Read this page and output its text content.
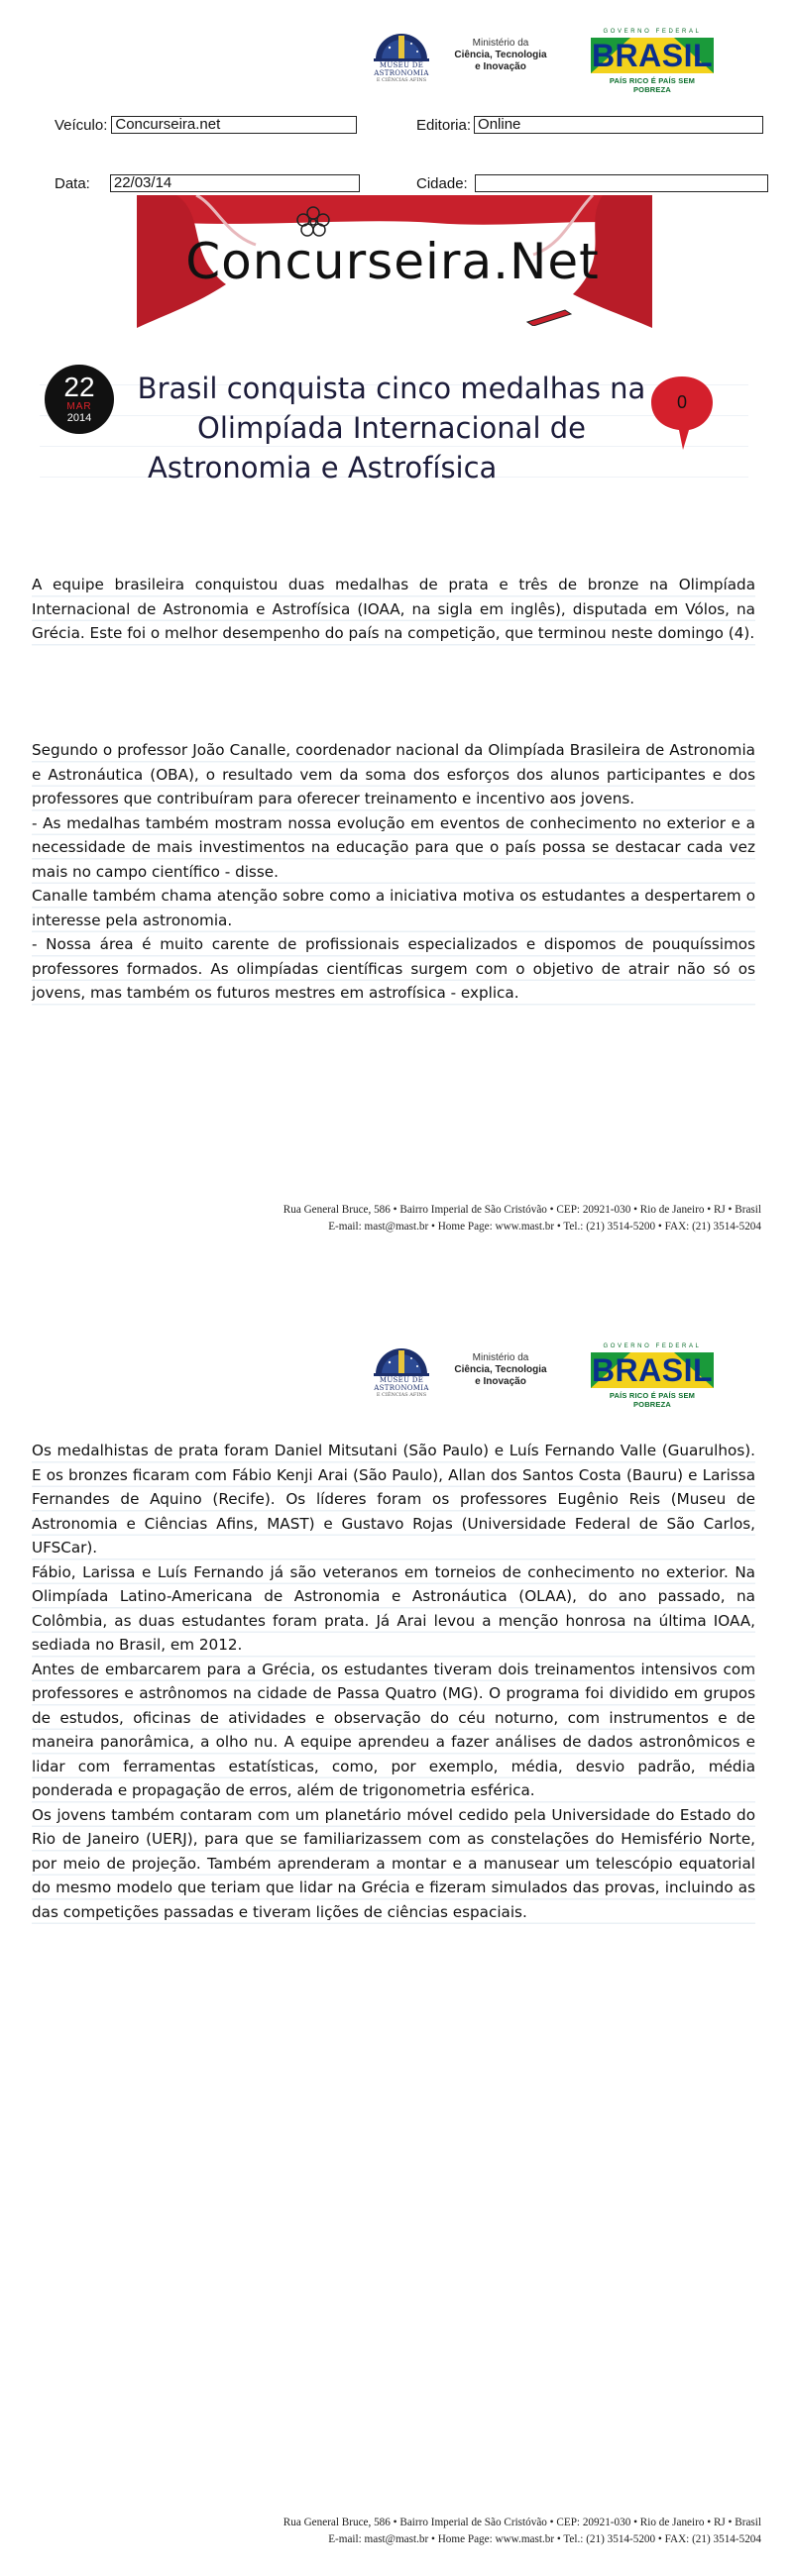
MUSEU DE
ASTRONOMIA
E CIÊNCIAS AFINS
Ministério da
Ciência, Tecnologia
e Inovação
GOVERNO FEDERAL
BRASIL
PAÍS RICO É PAÍS SEM POBREZA
Veículo: Concurseira.net	Editoria: Online
Data: 22/03/14	Cidade:
Concurseira.Net
22
MAR
2014
Brasil conquista cinco medalhas na
Olimpíada Internacional de
Astronomia e Astrofísica
0

A equipe brasileira conquistou duas medalhas de prata e três de bronze na Olimpíada Internacional de Astronomia e Astrofísica (IOAA, na sigla em inglês), disputada em Vólos, na Grécia. Este foi o melhor desempenho do país na competição, que terminou neste domingo (4).

Segundo o professor João Canalle, coordenador nacional da Olimpíada Brasileira de Astronomia e Astronáutica (OBA), o resultado vem da soma dos esforços dos alunos participantes e dos professores que contribuíram para oferecer treinamento e incentivo aos jovens.

- As medalhas também mostram nossa evolução em eventos de conhecimento no exterior e a necessidade de mais investimentos na educação para que o país possa se destacar cada vez mais no campo científico - disse.

Canalle também chama atenção sobre como a iniciativa motiva os estudantes a despertarem o interesse pela astronomia.

- Nossa área é muito carente de profissionais especializados e dispomos de pouquíssimos professores formados. As olimpíadas científicas surgem com o objetivo de atrair não só os jovens, mas também os futuros mestres em astrofísica - explica.

Rua General Bruce, 586 • Bairro Imperial de São Cristóvão • CEP: 20921-030 • Rio de Janeiro • RJ • Brasil
E-mail: mast@mast.br • Home Page: www.mast.br • Tel.: (21) 3514-5200 • FAX: (21) 3514-5204
MUSEU DE
ASTRONOMIA
E CIÊNCIAS AFINS
Ministério da
Ciência, Tecnologia
e Inovação
GOVERNO FEDERAL
BRASIL
PAÍS RICO É PAÍS SEM POBREZA

Os medalhistas de prata foram Daniel Mitsutani (São Paulo) e Luís Fernando Valle (Guarulhos). E os bronzes ficaram com Fábio Kenji Arai (São Paulo), Allan dos Santos Costa (Bauru) e Larissa Fernandes de Aquino (Recife). Os líderes foram os professores Eugênio Reis (Museu de Astronomia e Ciências Afins, MAST) e Gustavo Rojas (Universidade Federal de São Carlos, UFSCar).

Fábio, Larissa e Luís Fernando já são veteranos em torneios de conhecimento no exterior. Na Olimpíada Latino-Americana de Astronomia e Astronáutica (OLAA), do ano passado, na Colômbia, as duas estudantes foram prata. Já Arai levou a menção honrosa na última IOAA, sediada no Brasil, em 2012.

Antes de embarcarem para a Grécia, os estudantes tiveram dois treinamentos intensivos com professores e astrônomos na cidade de Passa Quatro (MG). O programa foi dividido em grupos de estudos, oficinas de atividades e observação do céu noturno, com instrumentos e de maneira panorâmica, a olho nu. A equipe aprendeu a fazer análises de dados astronômicos e lidar com ferramentas estatísticas, como, por exemplo, média, desvio padrão, média ponderada e propagação de erros, além de trigonometria esférica.

Os jovens também contaram com um planetário móvel cedido pela Universidade do Estado do Rio de Janeiro (UERJ), para que se familiarizassem com as constelações do Hemisfério Norte, por meio de projeção. Também aprenderam a montar e a manusear um telescópio equatorial do mesmo modelo que teriam que lidar na Grécia e fizeram simulados das provas, incluindo as das competições passadas e tiveram lições de ciências espaciais.

Rua General Bruce, 586 • Bairro Imperial de São Cristóvão • CEP: 20921-030 • Rio de Janeiro • RJ • Brasil
E-mail: mast@mast.br • Home Page: www.mast.br • Tel.: (21) 3514-5200 • FAX: (21) 3514-5204
